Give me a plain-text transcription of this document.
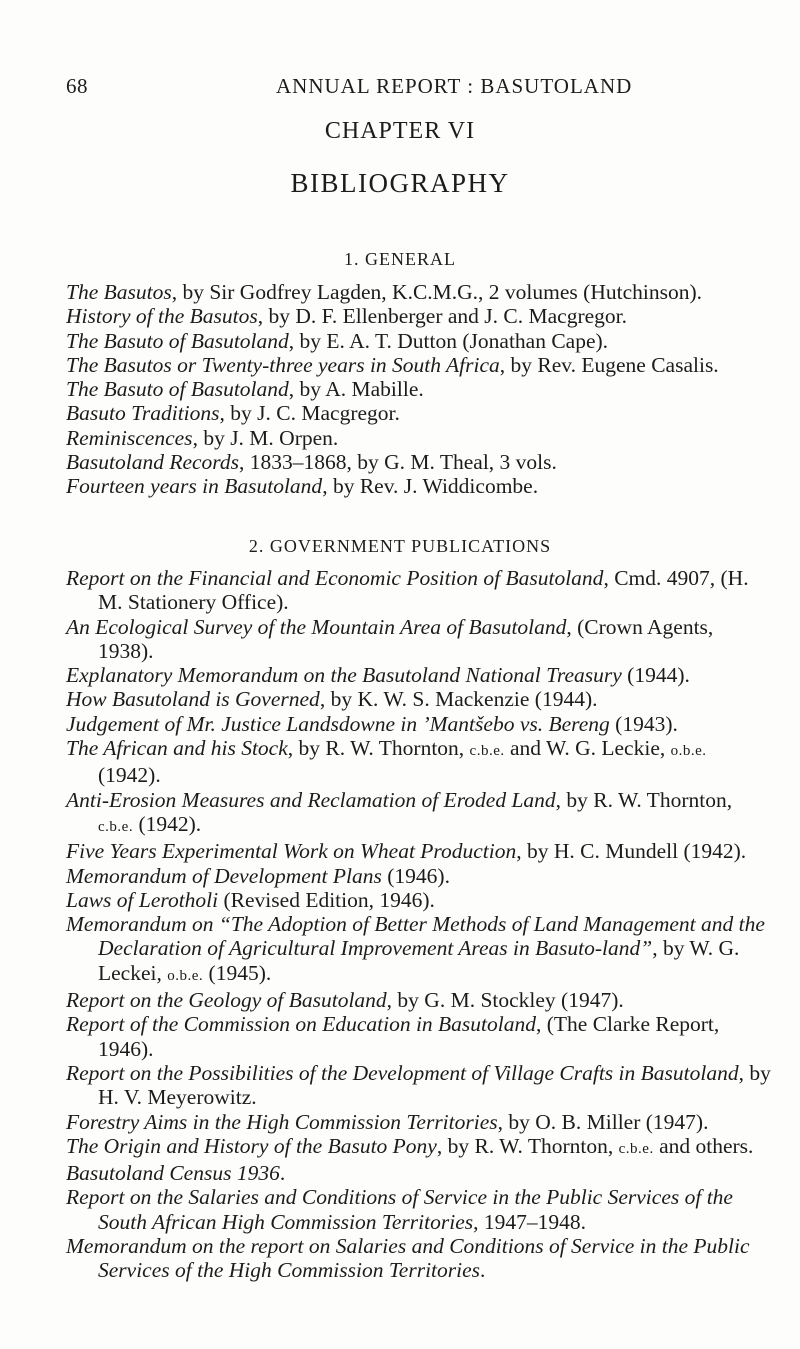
68	ANNUAL REPORT : BASUTOLAND
CHAPTER VI
BIBLIOGRAPHY
1. GENERAL

The Basutos, by Sir Godfrey Lagden, K.C.M.G., 2 volumes (Hutchinson).

History of the Basutos, by D. F. Ellenberger and J. C. Macgregor.

The Basuto of Basutoland, by E. A. T. Dutton (Jonathan Cape).

The Basutos or Twenty-three years in South Africa, by Rev. Eugene Casalis.

The Basuto of Basutoland, by A. Mabille.

Basuto Traditions, by J. C. Macgregor.

Reminiscences, by J. M. Orpen.

Basutoland Records, 1833–1868, by G. M. Theal, 3 vols.

Fourteen years in Basutoland, by Rev. J. Widdicombe.

2. GOVERNMENT PUBLICATIONS

Report on the Financial and Economic Position of Basutoland, Cmd. 4907, (H. M. Stationery Office).

An Ecological Survey of the Mountain Area of Basutoland, (Crown Agents, 1938).

Explanatory Memorandum on the Basutoland National Treasury (1944).

How Basutoland is Governed, by K. W. S. Mackenzie (1944).

Judgement of Mr. Justice Landsdowne in ’Mantšebo vs. Bereng (1943).

The African and his Stock, by R. W. Thornton, c.b.e. and W. G. Leckie, o.b.e. (1942).

Anti-Erosion Measures and Reclamation of Eroded Land, by R. W. Thornton, c.b.e. (1942).

Five Years Experimental Work on Wheat Production, by H. C. Mundell (1942).

Memorandum of Development Plans (1946).

Laws of Lerotholi (Revised Edition, 1946).

Memorandum on “The Adoption of Better Methods of Land Management and the Declaration of Agricultural Improvement Areas in Basuto-land”, by W. G. Leckei, o.b.e. (1945).

Report on the Geology of Basutoland, by G. M. Stockley (1947).

Report of the Commission on Education in Basutoland, (The Clarke Report, 1946).

Report on the Possibilities of the Development of Village Crafts in Basutoland, by H. V. Meyerowitz.

Forestry Aims in the High Commission Territories, by O. B. Miller (1947).

The Origin and History of the Basuto Pony, by R. W. Thornton, c.b.e. and others.

Basutoland Census 1936.

Report on the Salaries and Conditions of Service in the Public Services of the South African High Commission Territories, 1947–1948.

Memorandum on the report on Salaries and Conditions of Service in the Public Services of the High Commission Territories.
